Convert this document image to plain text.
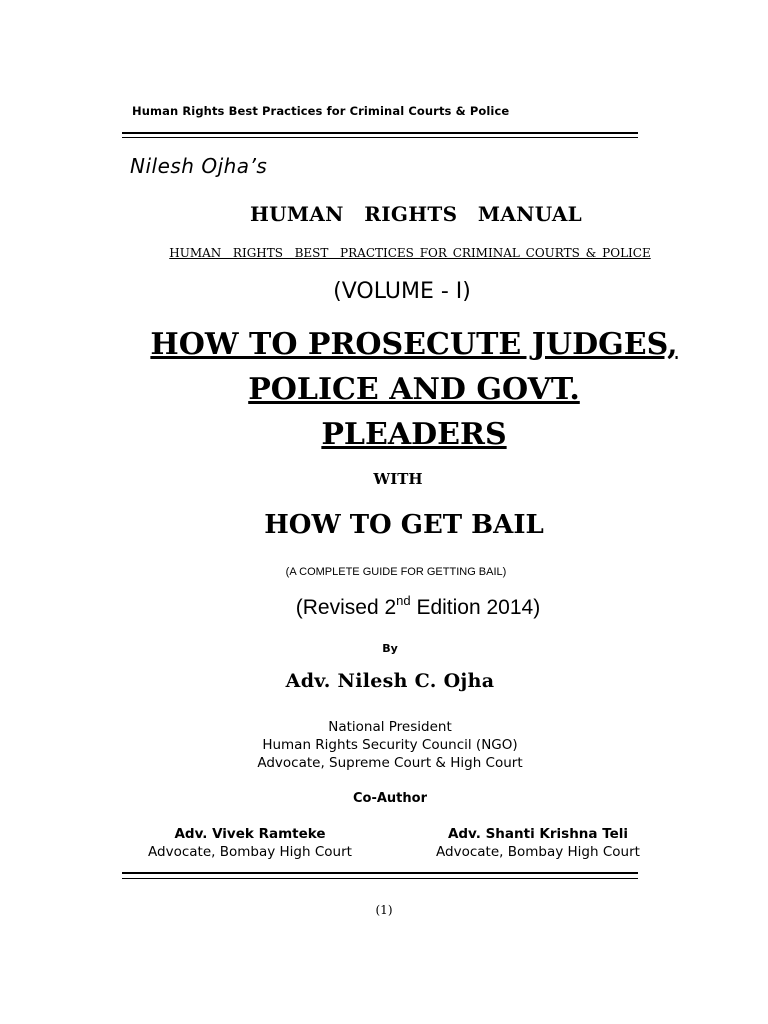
Human Rights Best Practices for Criminal Courts & Police
Nilesh Ojha’s
HUMAN  RIGHTS  MANUAL
HUMAN  RIGHTS  BEST  PRACTICES FOR CRIMINAL COURTS & POLICE
(VOLUME - I)
HOW TO PROSECUTE JUDGES,
POLICE AND GOVT.
PLEADERS
WITH
HOW TO GET BAIL
(A COMPLETE GUIDE FOR GETTING BAIL)
(Revised 2nd Edition 2014)
By
Adv. Nilesh C. Ojha
National President
Human Rights Security Council (NGO)
Advocate, Supreme Court & High Court
Co-Author
Adv. Vivek Ramteke
Advocate, Bombay High Court
Adv. Shanti Krishna Teli
Advocate, Bombay High Court
(1)
